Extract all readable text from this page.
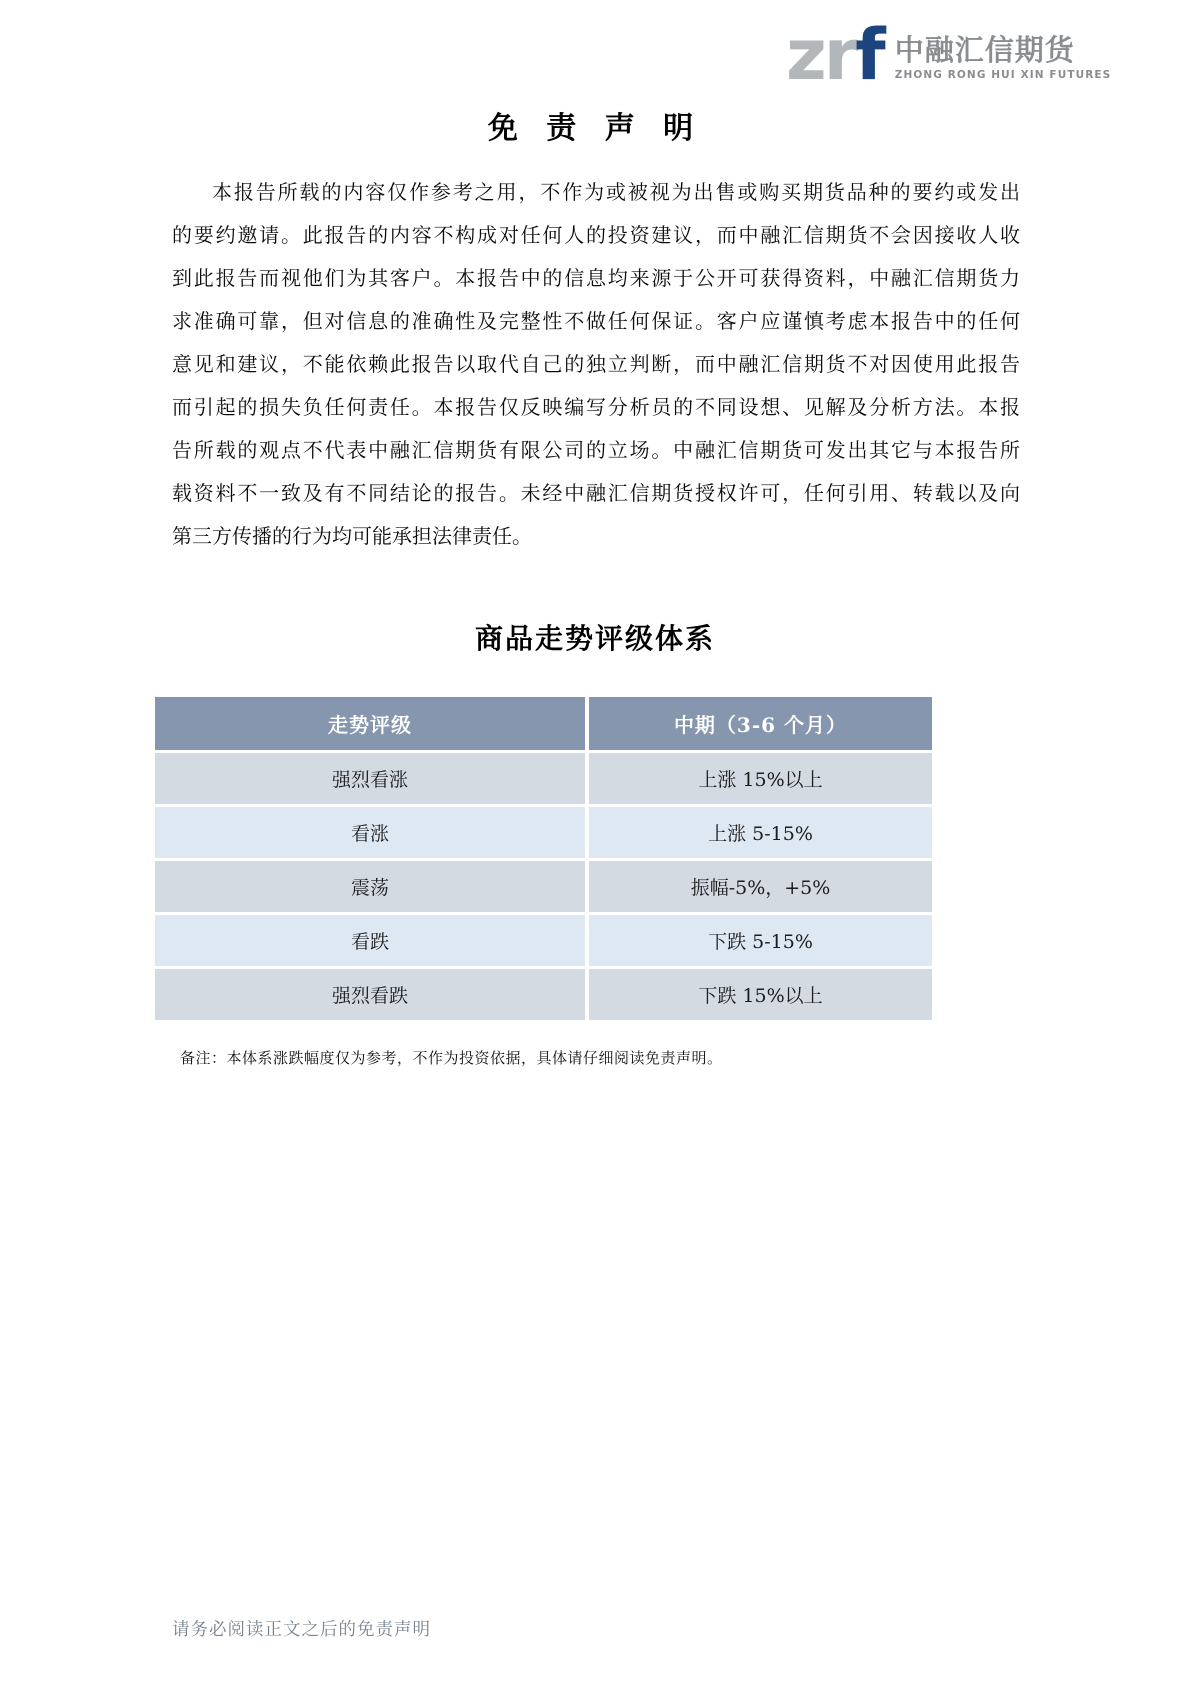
zrf 中融汇信期货
ZHONG RONG HUI XIN FUTURES
免 责 声 明
本报告所载的内容仅作参考之用，不作为或被视为出售或购买期货品种的要约或发出
的要约邀请。此报告的内容不构成对任何人的投资建议，而中融汇信期货不会因接收人收
到此报告而视他们为其客户。本报告中的信息均来源于公开可获得资料，中融汇信期货力
求准确可靠，但对信息的准确性及完整性不做任何保证。客户应谨慎考虑本报告中的任何
意见和建议，不能依赖此报告以取代自己的独立判断，而中融汇信期货不对因使用此报告
而引起的损失负任何责任。本报告仅反映编写分析员的不同设想、见解及分析方法。本报
告所载的观点不代表中融汇信期货有限公司的立场。中融汇信期货可发出其它与本报告所
载资料不一致及有不同结论的报告。未经中融汇信期货授权许可，任何引用、转载以及向
第三方传播的行为均可能承担法律责任。
商品走势评级体系
走势评级	中期（3-6 个月）
强烈看涨	上涨 15%以上
看涨	上涨 5-15%
震荡	振幅-5%，+5%
看跌	下跌 5-15%
强烈看跌	下跌 15%以上
备注：本体系涨跌幅度仅为参考，不作为投资依据，具体请仔细阅读免责声明。
请务必阅读正文之后的免责声明
